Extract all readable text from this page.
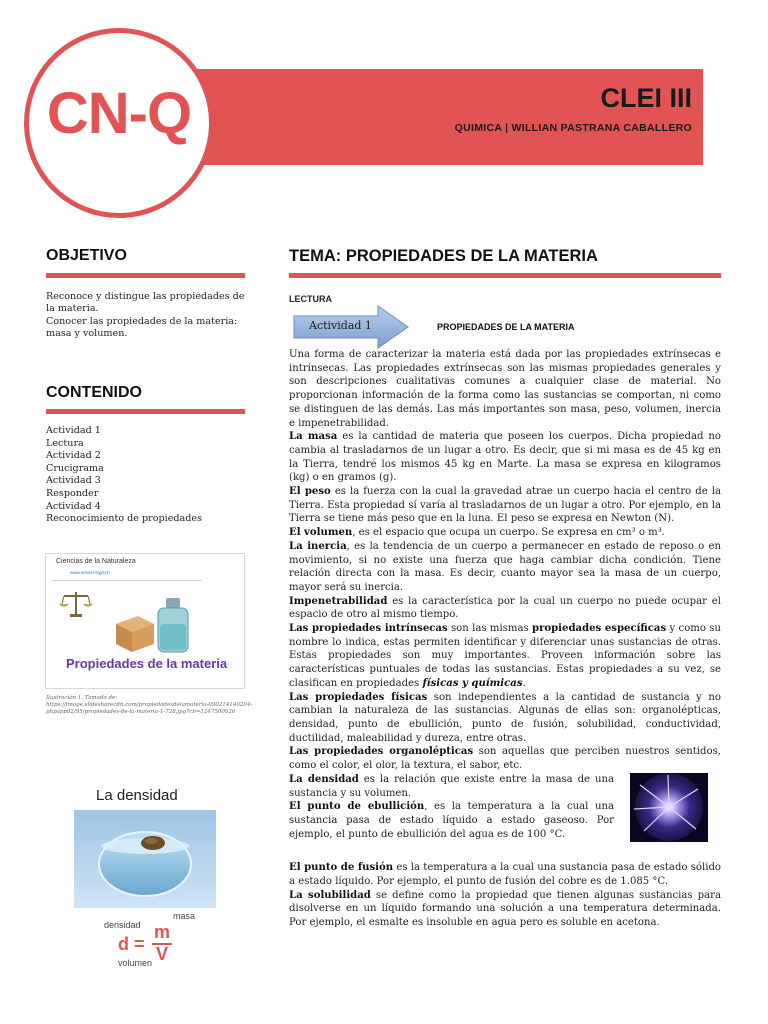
CN-Q	CLEI III
QUIMICA | WILLIAN PASTRANA CABALLERO
OBJETIVO
Reconoce y distingue las propiedades de
la materia.
Conocer las propiedades de la materia:
masa y volumen.
CONTENIDO
Actividad 1
Lectura
Actividad 2
Crucigrama
Actividad 3
Responder
Actividad 4
Reconocimiento de propiedades
Ciencias de la Naturaleza
www.eessel.org/ccn
Propiedades de la materia
Ilustración 1. Tomado de: https://image.slidesharecdn.com/propiedadesdelamateria-090214140204-phpapp02/95/propiedades-de-la-materia-1-728.jpg?cb=1247500626
La densidad
densidad
masa
d =
m
V
volumen
TEMA: PROPIEDADES DE LA MATERIA
LECTURA
Actividad 1	PROPIEDADES DE LA MATERIA

Una forma de caracterizar la materia está dada por las propiedades extrínsecas e intrínsecas. Las propiedades extrínsecas son las mismas propiedades generales y son descripciones cualitativas comunes a cualquier clase de material. No proporcionan información de la forma como las sustancias se comportan, ni como se distinguen de las demás. Las más importantes son masa, peso, volumen, inercia e impenetrabilidad.

La masa es la cantidad de materia que poseen los cuerpos. Dicha propiedad no cambia al trasladarnos de un lugar a otro. Es decir, que si mi masa es de 45 kg en la Tierra, tendré los mismos 45 kg en Marte. La masa se expresa en kilogramos (kg) o en gramos (g).

El peso es la fuerza con la cual la gravedad atrae un cuerpo hacia el centro de la Tierra. Esta propiedad sí varía al trasladarnos de un lugar a otro. Por ejemplo, en la Tierra se tiene más peso que en la luna. El peso se expresa en Newton (N).

El volumen, es el espacio que ocupa un cuerpo. Se expresa en cm³ o m³.

La inercia, es la tendencia de un cuerpo a permanecer en estado de reposo o en movimiento, si no existe una fuerza que haga cambiar dicha condición. Tiene relación directa con la masa. Es decir, cuanto mayor sea la masa de un cuerpo, mayor será su inercia.

Impenetrabilidad es la característica por la cual un cuerpo no puede ocupar el espacio de otro al mismo tiempo.

Las propiedades intrínsecas son las mismas propiedades específicas y como su nombre lo indica, estas permiten identificar y diferenciar unas sustancias de otras. Estas propiedades son muy importantes. Proveen información sobre las características puntuales de todas las sustancias. Estas propiedades a su vez, se clasifican en propiedades físicas y químicas.

Las propiedades físicas son independientes a la cantidad de sustancia y no cambian la naturaleza de las sustancias. Algunas de ellas son: organolépticas, densidad, punto de ebullición, punto de fusión, solubilidad, conductividad, ductilidad, maleabilidad y dureza, entre otras.

Las propiedades organolépticas son aquellas que perciben nuestros sentidos, como el color, el olor, la textura, el sabor, etc.

La densidad es la relación que existe entre la masa de una sustancia y su volumen.

El punto de ebullición, es la temperatura a la cual una sustancia pasa de estado líquido a estado gaseoso. Por ejemplo, el punto de ebullición del agua es de 100 °C.

El punto de fusión es la temperatura a la cual una sustancia pasa de estado sólido a estado líquido. Por ejemplo, el punto de fusión del cobre es de 1.085 °C.

La solubilidad se define como la propiedad que tienen algunas sustancias para disolverse en un líquido formando una solución a una temperatura determinada. Por ejemplo, el esmalte es insoluble en agua pero es soluble en acetona.
